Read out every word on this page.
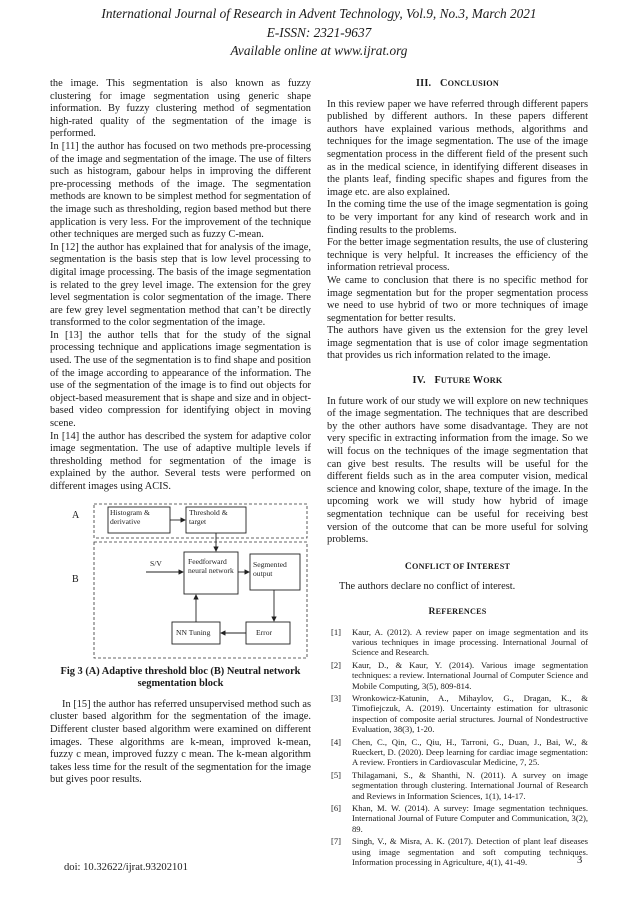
International Journal of Research in Advent Technology, Vol.9, No.3, March 2021
E-ISSN: 2321-9637
Available online at www.ijrat.org

the image. This segmentation is also known as fuzzy clustering for image segmentation using generic shape information. By fuzzy clustering method of segmentation high-rated quality of the segmentation of the image is performed.

In [11] the author has focused on two methods pre-processing of the image and segmentation of the image. The use of filters such as histogram, gabour helps in improving the different pre-processing methods of the image. The segmentation methods are known to be simplest method for segmentation of the image such as thresholding, region based method but there application is very less. For the improvement of the technique other techniques are merged such as fuzzy C-mean.

In [12] the author has explained that for analysis of the image, segmentation is the basis step that is low level processing to digital image processing. The basis of the image segmentation is related to the grey level image. The extension for the grey level segmentation is color segmentation of the image. There are few grey level segmentation method that can’t be directly transformed to the color segmentation of the image.

In [13] the author tells that for the study of the signal processing technique and applications image segmentation is used. The use of the segmentation is to find shape and position of the image according to appearance of the information. The use of the segmentation of the image is to find out objects for object-based measurement that is shape and size and in object-based video compression for identifying object in moving scene.

In [14] the author has described the system for adaptive color image segmentation. The use of adaptive multiple levels if thresholding method for segmentation of the image is explained by the author. Several tests were performed on different images using ACIS.

A
B
Histogram & derivative
Threshold & target
S/V	Feedforward neural network
Segmented output
NN Tuning	Error
Fig 3 (A) Adaptive threshold bloc (B) Neutral network segmentation block

In [15] the author has referred unsupervised method such as cluster based algorithm for the segmentation of the image. Different cluster based algorithm were examined on different images. These algorithms are k-mean, improved k-mean, fuzzy c mean, improved fuzzy c mean. The k-mean algorithm takes less time for the result of the segmentation for the image but gives poor results.

III. CONCLUSION

In this review paper we have referred through different papers published by different authors. In these papers different authors have explained various methods, algorithms and techniques for the image segmentation. The use of the image segmentation process in the different field of the present such as in the medical science, in identifying different diseases in the plants leaf, finding specific shapes and figures from the image etc. are also explained.

In the coming time the use of the image segmentation is going to be very important for any kind of research work and in finding results to the problems.

For the better image segmentation results, the use of clustering technique is very helpful. It increases the efficiency of the information retrieval process.

We came to conclusion that there is no specific method for image segmentation but for the proper segmentation process we need to use hybrid of two or more techniques of image segmentation for better results.

The authors have given us the extension for the grey level image segmentation that is use of color image segmentation that provides us rich information related to the image.

IV. FUTURE WORK

In future work of our study we will explore on new techniques of the image segmentation. The techniques that are described by the other authors have some disadvantage. They are not very specific in extracting information from the image. So we will focus on the techniques of the image segmentation that can give best results. The results will be useful for the different fields such as in the area computer vision, medical science and knowing color, shape, texture of the image. In the upcoming work we will study how hybrid of image segmentation technique can be useful for receiving best version of the outcome that can be more useful for solving problems.

CONFLICT OF INTEREST

The authors declare no conflict of interest.

REFERENCES
[1] Kaur, A. (2012). A review paper on image segmentation and its various techniques in image processing. International Journal of Science and Research.
[2] Kaur, D., & Kaur, Y. (2014). Various image segmentation techniques: a review. International Journal of Computer Science and Mobile Computing, 3(5), 809-814.
[3] Wronkowicz-Katunin, A., Mihaylov, G., Dragan, K., & Timofiejczuk, A. (2019). Uncertainty estimation for ultrasonic inspection of composite aerial structures. Journal of Nondestructive Evaluation, 38(3), 1-20.
[4] Chen, C., Qin, C., Qiu, H., Tarroni, G., Duan, J., Bai, W., & Rueckert, D. (2020). Deep learning for cardiac image segmentation: A review. Frontiers in Cardiovascular Medicine, 7, 25.
[5] Thilagamani, S., & Shanthi, N. (2011). A survey on image segmentation through clustering. International Journal of Research and Reviews in Information Sciences, 1(1), 14-17.
[6] Khan, M. W. (2014). A survey: Image segmentation techniques. International Journal of Future Computer and Communication, 3(2), 89.
[7] Singh, V., & Misra, A. K. (2017). Detection of plant leaf diseases using image segmentation and soft computing techniques. Information processing in Agriculture, 4(1), 41-49.
doi: 10.32622/ijrat.93202101
3
